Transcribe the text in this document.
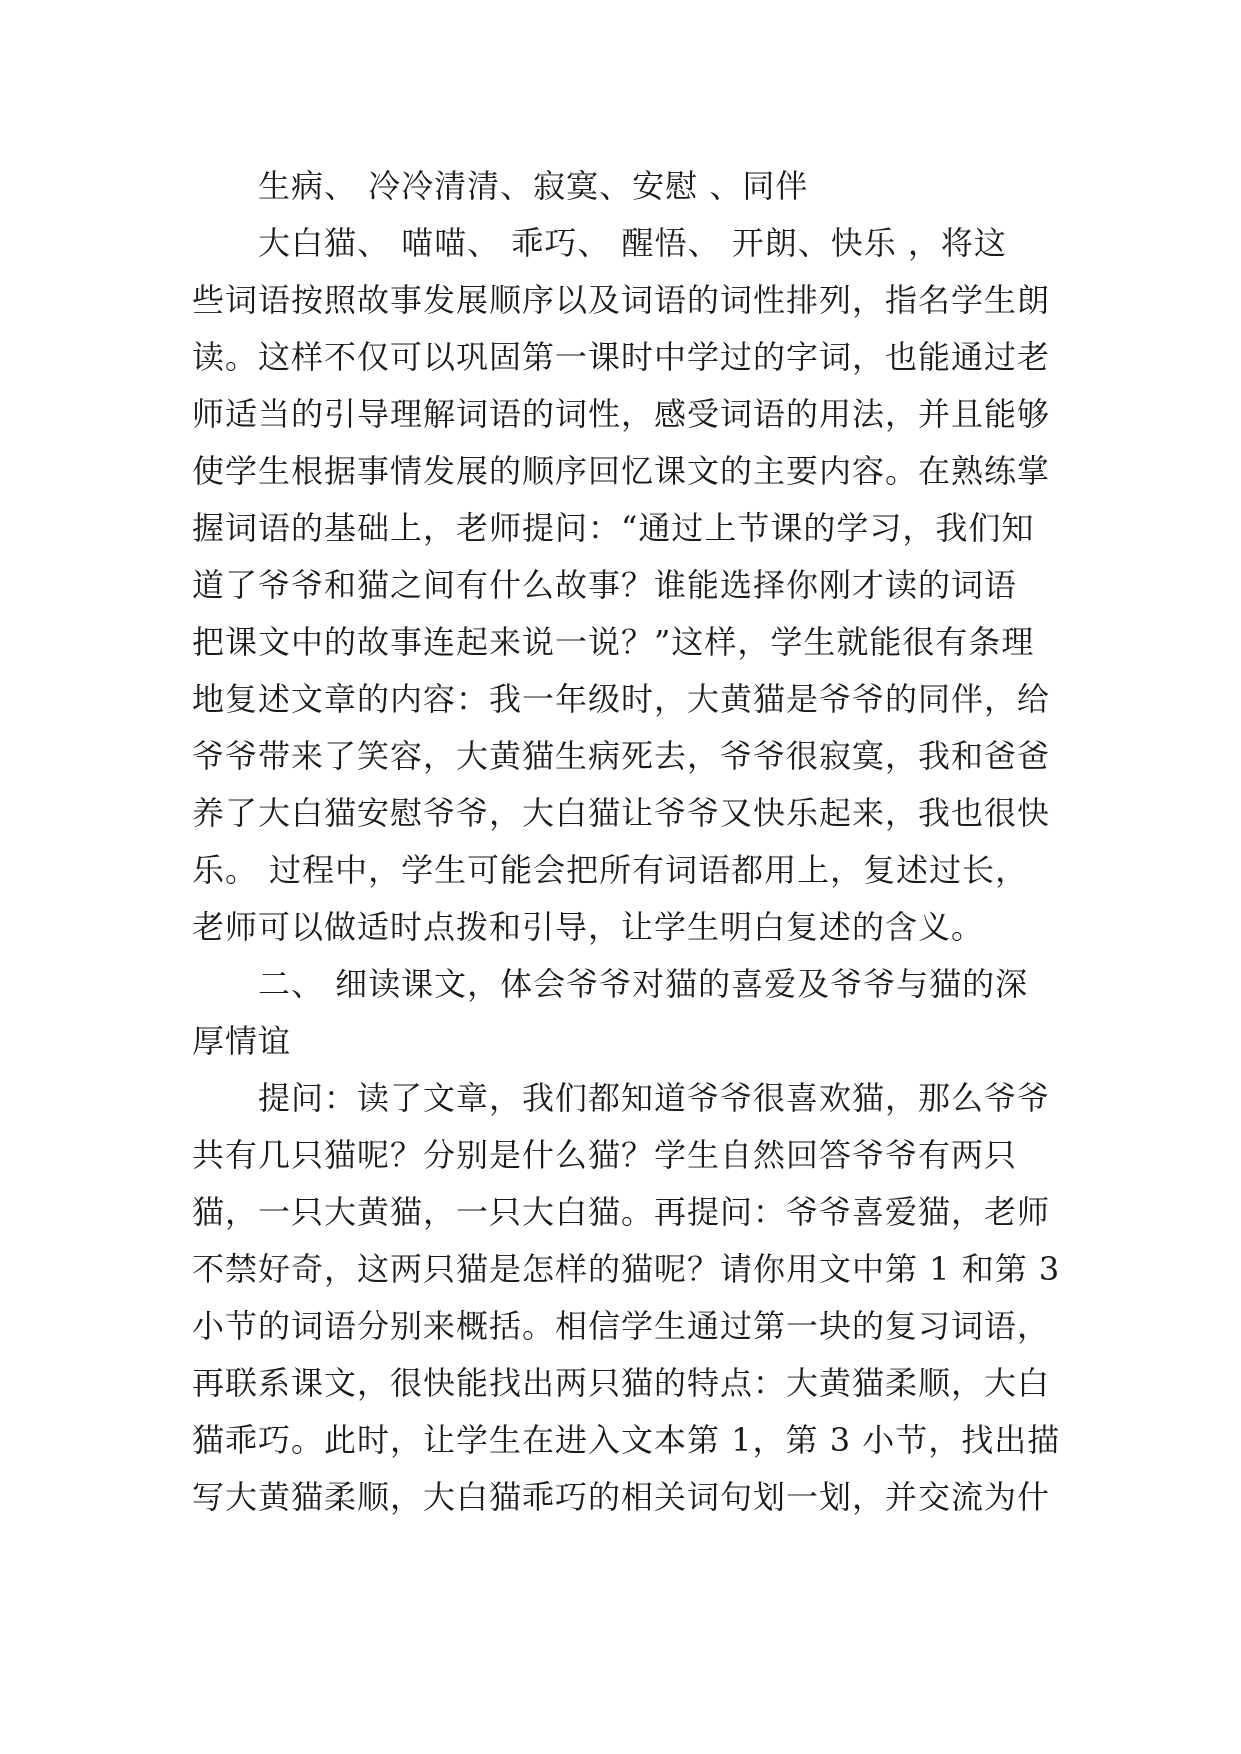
生病、 冷冷清清、寂寞、安慰 、同伴
大白猫、 喵喵、 乖巧、 醒悟、 开朗、快乐 ，将这
些词语按照故事发展顺序以及词语的词性排列，指名学生朗
读。这样不仅可以巩固第一课时中学过的字词，也能通过老
师适当的引导理解词语的词性，感受词语的用法，并且能够
使学生根据事情发展的顺序回忆课文的主要内容。在熟练掌
握词语的基础上，老师提问：“通过上节课的学习，我们知
道了爷爷和猫之间有什么故事？谁能选择你刚才读的词语
把课文中的故事连起来说一说？”这样，学生就能很有条理
地复述文章的内容：我一年级时，大黄猫是爷爷的同伴，给
爷爷带来了笑容，大黄猫生病死去，爷爷很寂寞，我和爸爸
养了大白猫安慰爷爷，大白猫让爷爷又快乐起来，我也很快
乐。 过程中，学生可能会把所有词语都用上，复述过长，
老师可以做适时点拨和引导，让学生明白复述的含义。
二、 细读课文，体会爷爷对猫的喜爱及爷爷与猫的深
厚情谊
提问：读了文章，我们都知道爷爷很喜欢猫，那么爷爷
共有几只猫呢？分别是什么猫？学生自然回答爷爷有两只
猫，一只大黄猫，一只大白猫。再提问：爷爷喜爱猫，老师
不禁好奇，这两只猫是怎样的猫呢？请你用文中第 1 和第 3
小节的词语分别来概括。相信学生通过第一块的复习词语，
再联系课文，很快能找出两只猫的特点：大黄猫柔顺，大白
猫乖巧。此时，让学生在进入文本第 1，第 3 小节，找出描
写大黄猫柔顺，大白猫乖巧的相关词句划一划，并交流为什
